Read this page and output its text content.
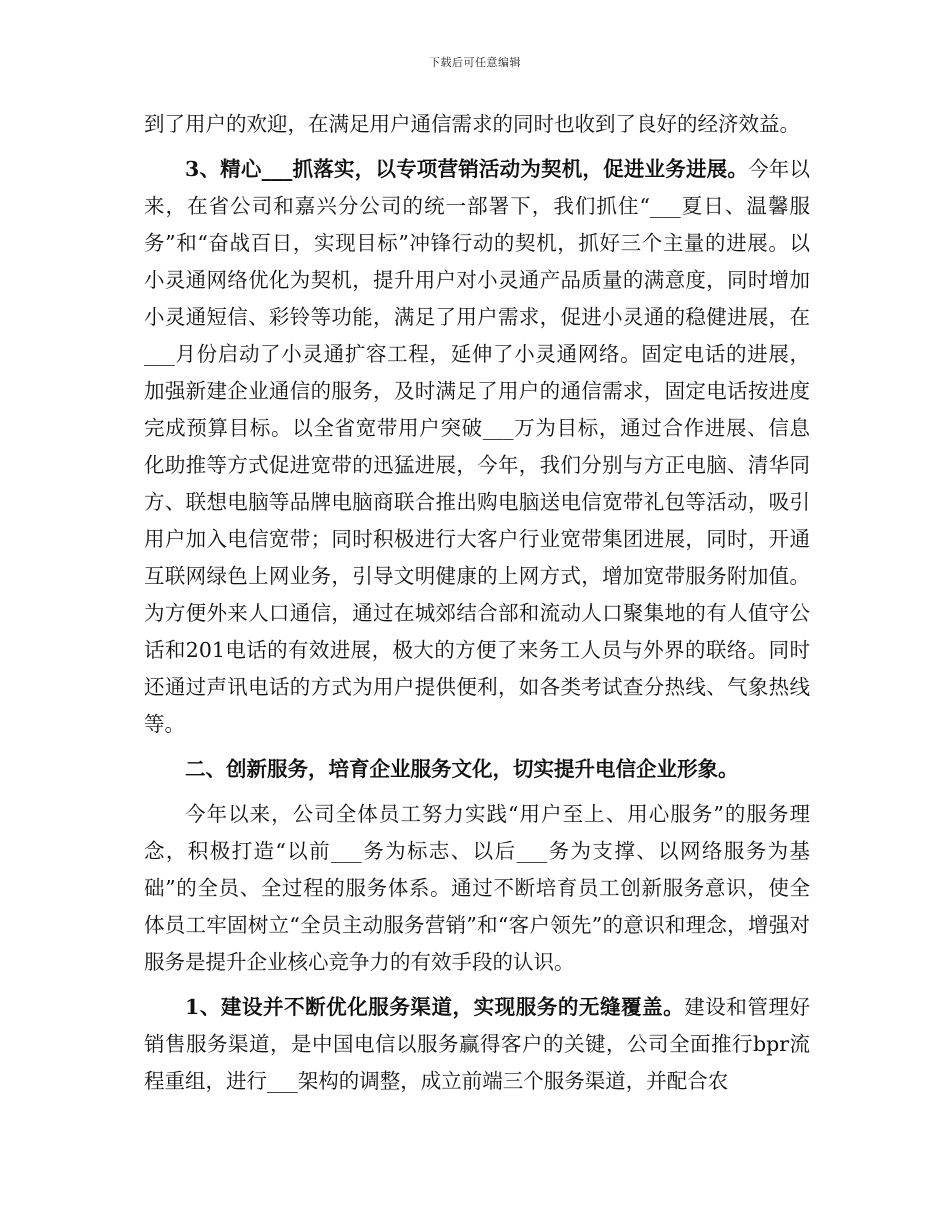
下载后可任意编辑

到了用户的欢迎，在满足用户通信需求的同时也收到了良好的经济效益。

3、精心___抓落实，以专项营销活动为契机，促进业务进展。今年以来，在省公司和嘉兴分公司的统一部署下，我们抓住“___夏日、温馨服务”和“奋战百日，实现目标”冲锋行动的契机，抓好三个主量的进展。以小灵通网络优化为契机，提升用户对小灵通产品质量的满意度，同时增加小灵通短信、彩铃等功能，满足了用户需求，促进小灵通的稳健进展，在___月份启动了小灵通扩容工程，延伸了小灵通网络。固定电话的进展，加强新建企业通信的服务，及时满足了用户的通信需求，固定电话按进度完成预算目标。以全省宽带用户突破___万为目标，通过合作进展、信息化助推等方式促进宽带的迅猛进展，今年，我们分别与方正电脑、清华同方、联想电脑等品牌电脑商联合推出购电脑送电信宽带礼包等活动，吸引用户加入电信宽带；同时积极进行大客户行业宽带集团进展，同时，开通互联网绿色上网业务，引导文明健康的上网方式，增加宽带服务附加值。为方便外来人口通信，通过在城郊结合部和流动人口聚集地的有人值守公话和201电话的有效进展，极大的方便了来务工人员与外界的联络。同时还通过声讯电话的方式为用户提供便利，如各类考试查分热线、气象热线等。

二、创新服务，培育企业服务文化，切实提升电信企业形象。

今年以来，公司全体员工努力实践“用户至上、用心服务”的服务理念，积极打造“以前___务为标志、以后___务为支撑、以网络服务为基础”的全员、全过程的服务体系。通过不断培育员工创新服务意识，使全体员工牢固树立“全员主动服务营销”和“客户领先”的意识和理念，增强对服务是提升企业核心竞争力的有效手段的认识。

1、建设并不断优化服务渠道，实现服务的无缝覆盖。建设和管理好销售服务渠道，是中国电信以服务赢得客户的关键，公司全面推行bpr流程重组，进行___架构的调整，成立前端三个服务渠道，并配合农
